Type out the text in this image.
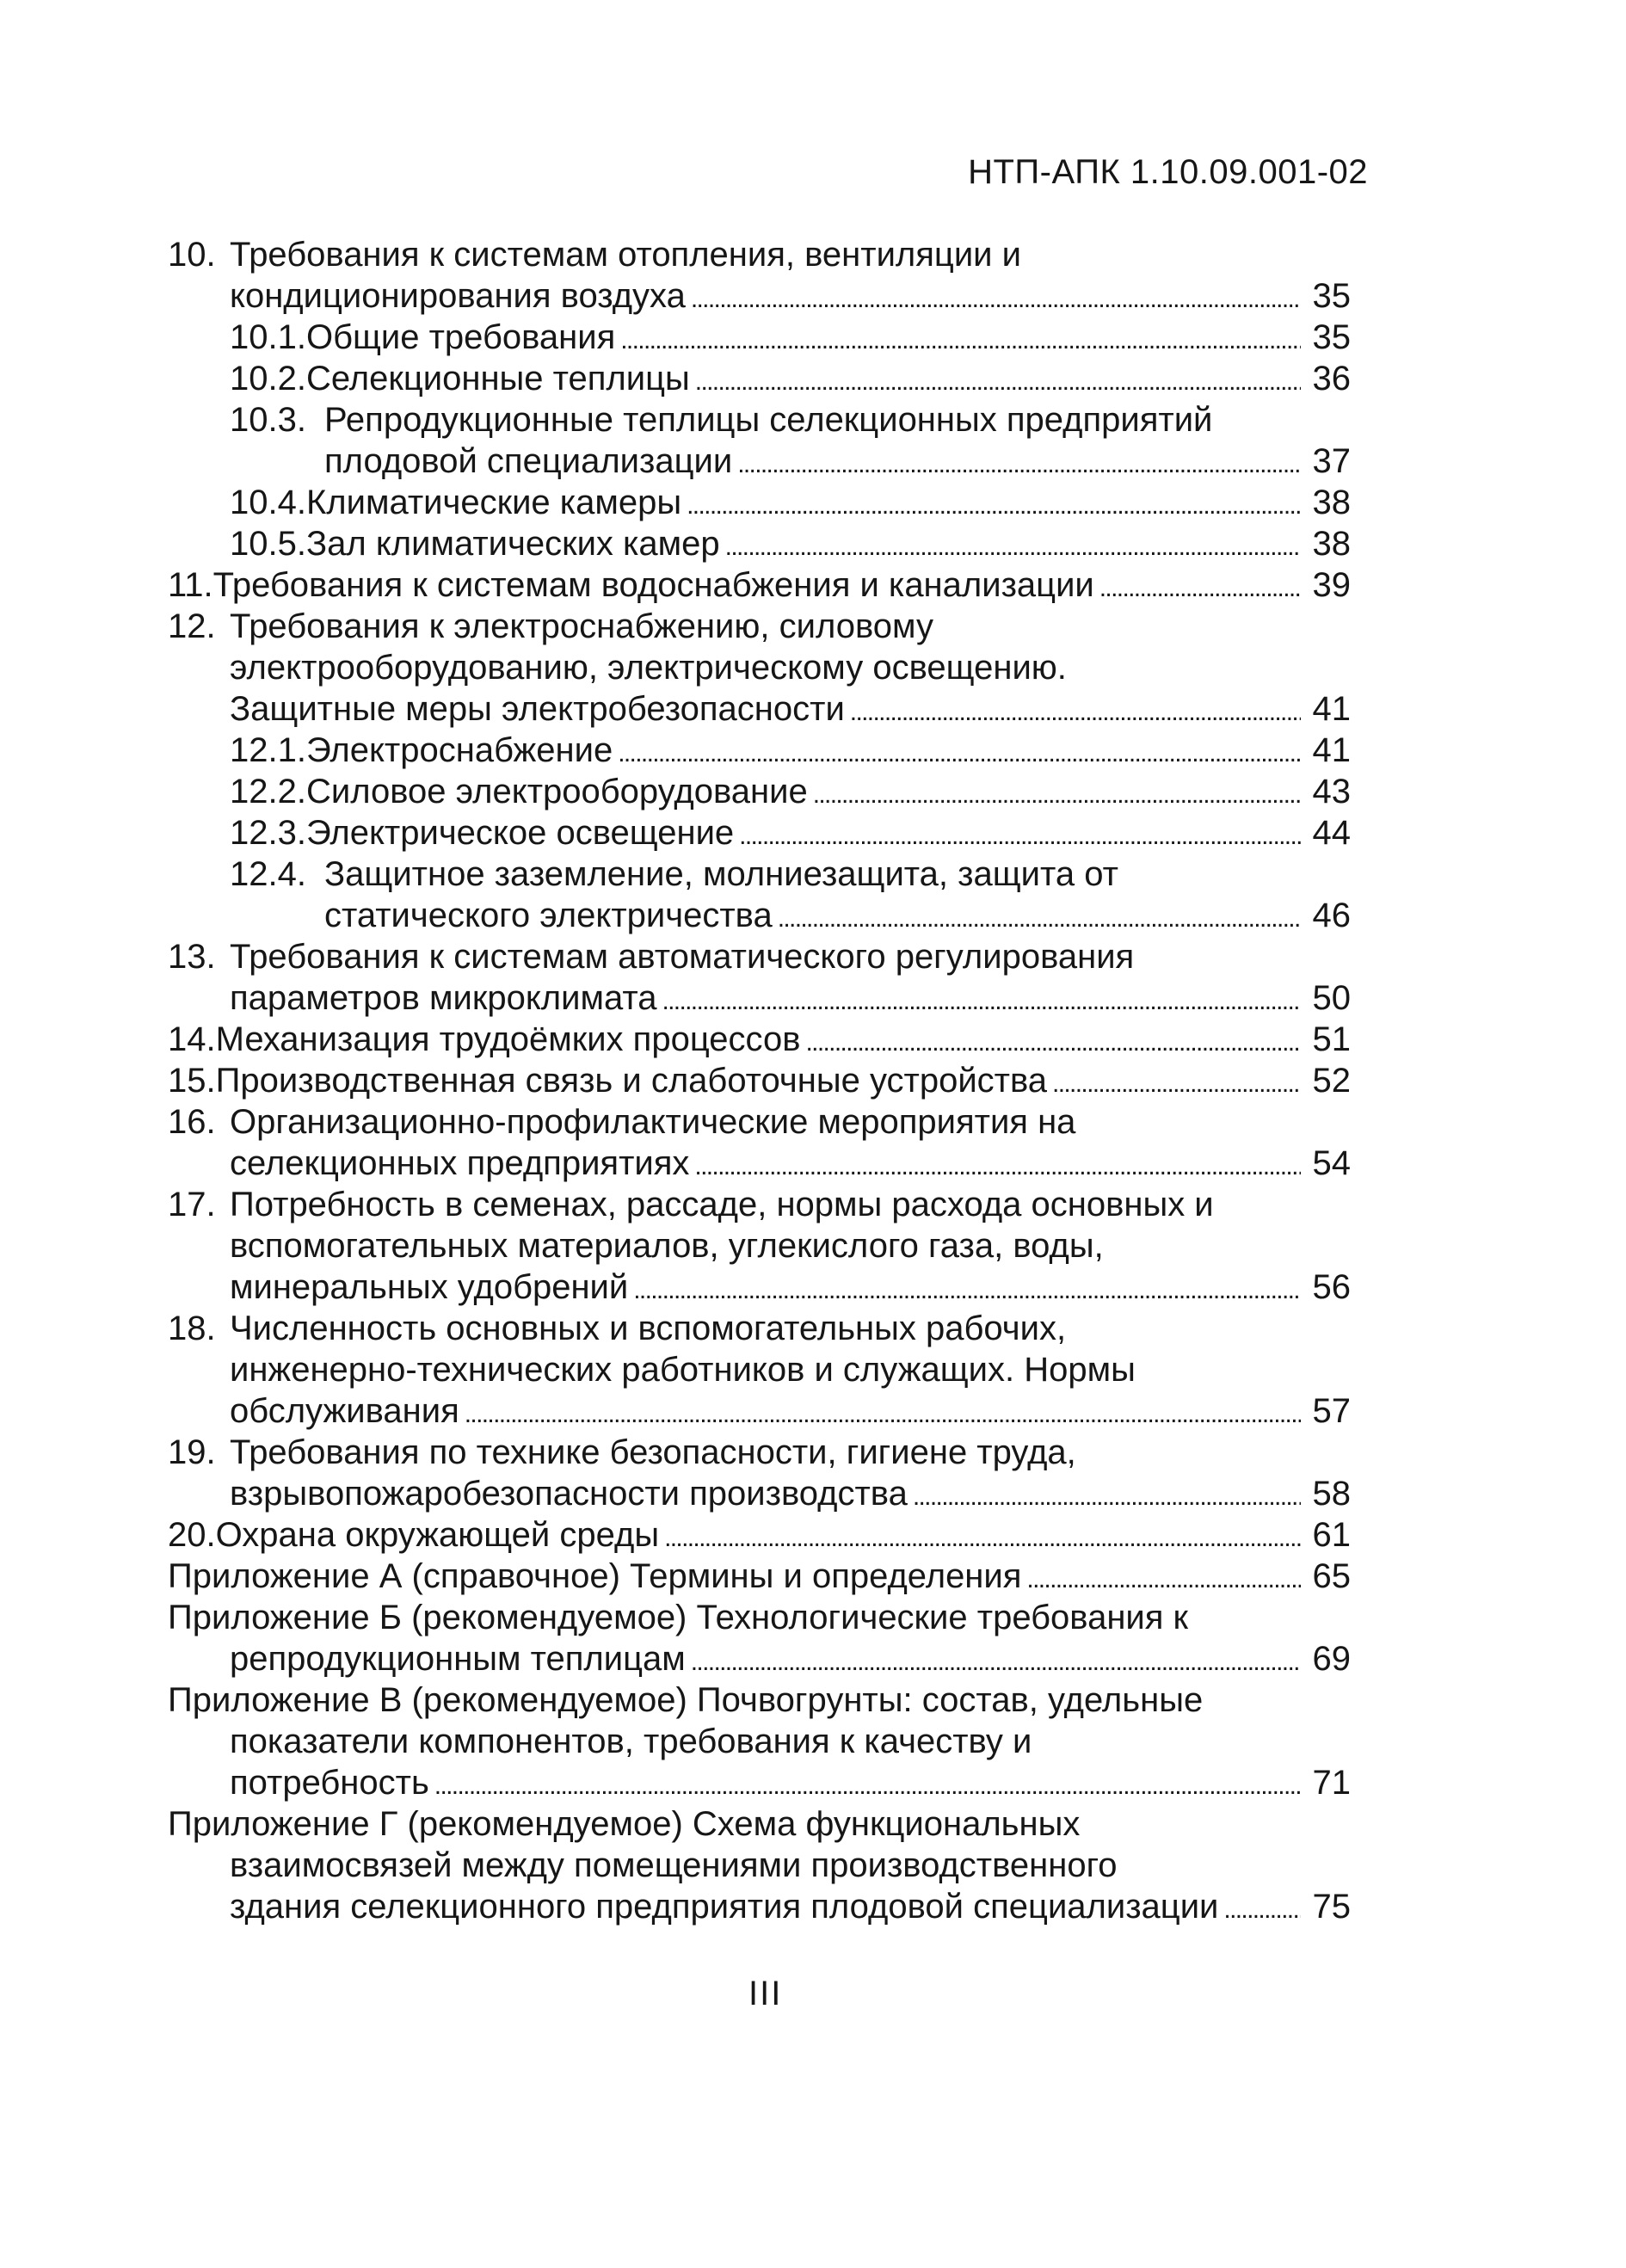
НТП-АПК 1.10.09.001-02
10. Требования к системам отопления, вентиляции и
кондиционирования воздуха . . .	35
10.1. Общие требования . . .	35
10.2. Селекционные теплицы . . .	36
10.3. Репродукционные теплицы селекционных предприятий
плодовой специализации . . .	37
10.4. Климатические камеры . . .	38
10.5. Зал климатических камер . . .	38
11. Требования к системам водоснабжения и канализации . . .	39
12. Требования к электроснабжению, силовому
электрооборудованию, электрическому освещению.
Защитные меры электробезопасности . . .	41
12.1. Электроснабжение . . .	41
12.2. Силовое электрооборудование . . .	43
12.3. Электрическое освещение . . .	44
12.4. Защитное заземление, молниезащита, защита от
статического электричества . . .	46
13. Требования к системам автоматического регулирования
параметров микроклимата . . .	50
14. Механизация трудоёмких процессов . . .	51
15. Производственная связь и слаботочные устройства . . .	52
16. Организационно-профилактические мероприятия на
селекционных предприятиях . . .	54
17. Потребность в семенах, рассаде, нормы расхода основных и
вспомогательных материалов, углекислого газа, воды,
минеральных удобрений . . .	56
18. Численность основных и вспомогательных рабочих,
инженерно-технических работников и служащих. Нормы
обслуживания . . .	57
19. Требования по технике безопасности, гигиене труда,
взрывопожаробезопасности производства . . .	58
20. Охрана окружающей среды . . .	61
Приложение А (справочное) Термины и определения . . .	65
Приложение Б (рекомендуемое) Технологические требования к
репродукционным теплицам . . .	69
Приложение В (рекомендуемое) Почвогрунты: состав, удельные
показатели компонентов, требования к качеству и
потребность . . .	71
Приложение Г (рекомендуемое) Схема функциональных
взаимосвязей между помещениями производственного
здания селекционного предприятия плодовой специализации . . .	75
III
